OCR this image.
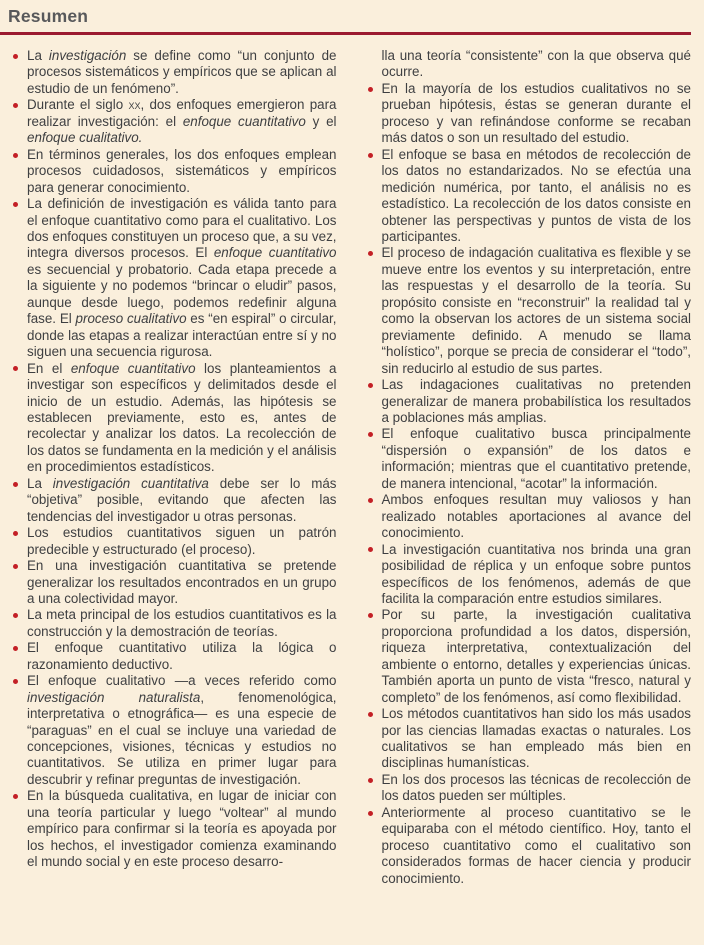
Resumen
La investigación se define como “un conjunto de procesos sistemáticos y empíricos que se aplican al estudio de un fenómeno”.
Durante el siglo xx, dos enfoques emergieron para realizar investigación: el enfoque cuantitativo y el enfoque cualitativo.
En términos generales, los dos enfoques emplean procesos cuidadosos, sistemáticos y empíricos para generar conocimiento.
La definición de investigación es válida tanto para el enfoque cuantitativo como para el cualitativo. Los dos enfoques constituyen un proceso que, a su vez, integra diversos procesos. El enfoque cuantitativo es secuencial y probatorio. Cada etapa precede a la siguiente y no podemos “brincar o eludir” pasos, aunque desde luego, podemos redefinir alguna fase. El proceso cualitativo es “en espiral” o circular, donde las etapas a realizar interactúan entre sí y no siguen una secuencia rigurosa.
En el enfoque cuantitativo los planteamientos a investigar son específicos y delimitados desde el inicio de un estudio. Además, las hipótesis se establecen previamente, esto es, antes de recolectar y analizar los datos. La recolección de los datos se fundamenta en la medición y el análisis en procedimientos estadísticos.
La investigación cuantitativa debe ser lo más “objetiva” posible, evitando que afecten las tendencias del investigador u otras personas.
Los estudios cuantitativos siguen un patrón predecible y estructurado (el proceso).
En una investigación cuantitativa se pretende generalizar los resultados encontrados en un grupo a una colectividad mayor.
La meta principal de los estudios cuantitativos es la construcción y la demostración de teorías.
El enfoque cuantitativo utiliza la lógica o razonamiento deductivo.
El enfoque cualitativo —a veces referido como investigación naturalista, fenomenológica, interpretativa o etnográfica— es una especie de “paraguas” en el cual se incluye una variedad de concepciones, visiones, técnicas y estudios no cuantitativos. Se utiliza en primer lugar para descubrir y refinar preguntas de investigación.
En la búsqueda cualitativa, en lugar de iniciar con una teoría particular y luego “voltear” al mundo empírico para confirmar si la teoría es apoyada por los hechos, el investigador comienza examinando el mundo social y en este proceso desarro-

lla una teoría “consistente” con la que observa qué ocurre.

En la mayoría de los estudios cualitativos no se prueban hipótesis, éstas se generan durante el proceso y van refinándose conforme se recaban más datos o son un resultado del estudio.
El enfoque se basa en métodos de recolección de los datos no estandarizados. No se efectúa una medición numérica, por tanto, el análisis no es estadístico. La recolección de los datos consiste en obtener las perspectivas y puntos de vista de los participantes.
El proceso de indagación cualitativa es flexible y se mueve entre los eventos y su interpretación, entre las respuestas y el desarrollo de la teoría. Su propósito consiste en “reconstruir” la realidad tal y como la observan los actores de un sistema social previamente definido. A menudo se llama “holístico”, porque se precia de considerar el “todo”, sin reducirlo al estudio de sus partes.
Las indagaciones cualitativas no pretenden generalizar de manera probabilística los resultados a poblaciones más amplias.
El enfoque cualitativo busca principalmente “dispersión o expansión” de los datos e información; mientras que el cuantitativo pretende, de manera intencional, “acotar” la información.
Ambos enfoques resultan muy valiosos y han realizado notables aportaciones al avance del conocimiento.
La investigación cuantitativa nos brinda una gran posibilidad de réplica y un enfoque sobre puntos específicos de los fenómenos, además de que facilita la comparación entre estudios similares.
Por su parte, la investigación cualitativa proporciona profundidad a los datos, dispersión, riqueza interpretativa, contextualización del ambiente o entorno, detalles y experiencias únicas. También aporta un punto de vista “fresco, natural y completo” de los fenómenos, así como flexibilidad.
Los métodos cuantitativos han sido los más usados por las ciencias llamadas exactas o naturales. Los cualitativos se han empleado más bien en disciplinas humanísticas.
En los dos procesos las técnicas de recolección de los datos pueden ser múltiples.
Anteriormente al proceso cuantitativo se le equiparaba con el método científico. Hoy, tanto el proceso cuantitativo como el cualitativo son considerados formas de hacer ciencia y producir conocimiento.
